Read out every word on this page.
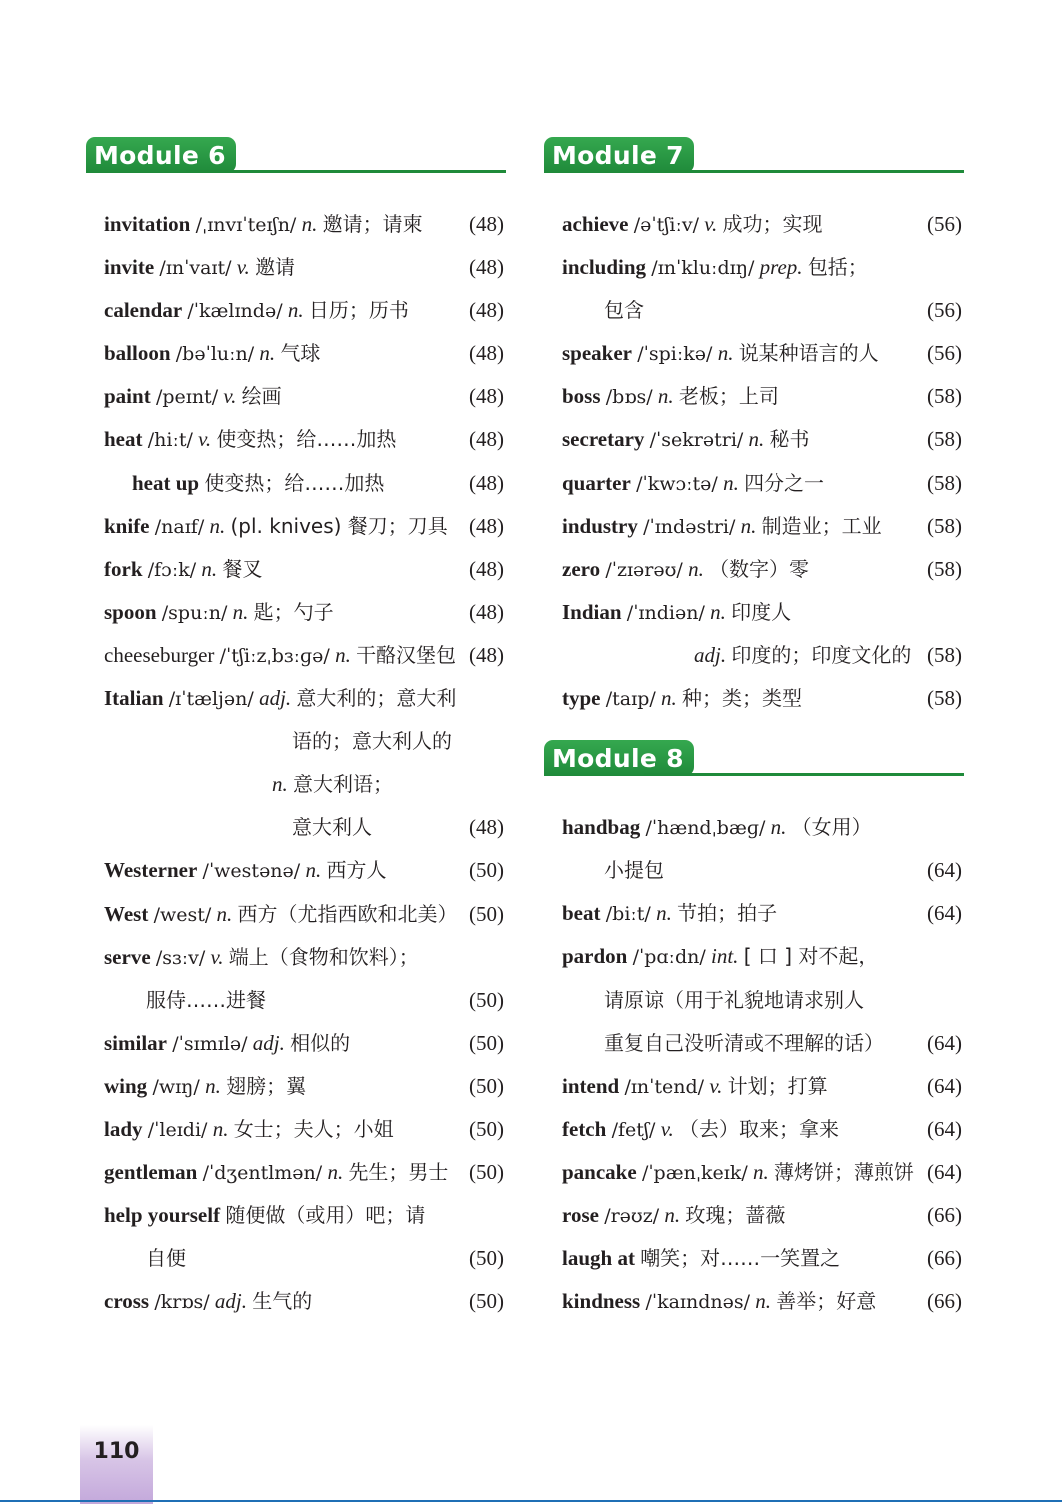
Module 6
invitation /ˌɪnvɪˈteɪʃn/ n. 邀请；请柬 (48)
invite /ɪnˈvaɪt/ v. 邀请	(48)
calendar /ˈkælɪndə/ n. 日历；历书	(48)
balloon /bəˈluːn/ n. 气球	(48)
paint /peɪnt/ v. 绘画	(48)
heat /hiːt/ v. 使变热；给……加热	(48)
heat up 使变热；给……加热	(48)
knife /naɪf/ n. (pl. knives) 餐刀；刀具 (48)
fork /fɔːk/ n. 餐叉	(48)
spoon /spuːn/ n. 匙；勺子	(48)
cheeseburger /ˈtʃiːzˌbɜːɡə/ n. 干酪汉堡包 (48)
Italian /ɪˈtæljən/ adj. 意大利的；意大利
语的；意大利人的
n. 意大利语；
意大利人	(48)
Westerner /ˈwestənə/ n. 西方人	(50)
West /west/ n. 西方（尤指西欧和北美） (50)
serve /sɜːv/ v. 端上（食物和饮料）；
服侍……进餐	(50)
similar /ˈsɪmɪlə/ adj. 相似的	(50)
wing /wɪŋ/ n. 翅膀；翼	(50)
lady /ˈleɪdi/ n. 女士；夫人；小姐	(50)
gentleman /ˈdʒentlmən/ n. 先生；男士 (50)
help yourself 随便做（或用）吧；请
自便	(50)
cross /krɒs/ adj. 生气的	(50)
Module 7
achieve /əˈtʃiːv/ v. 成功；实现	(56)
including /ɪnˈkluːdɪŋ/ prep. 包括；
包含	(56)
speaker /ˈspiːkə/ n. 说某种语言的人 (56)
boss /bɒs/ n. 老板；上司	(58)
secretary /ˈsekrətri/ n. 秘书	(58)
quarter /ˈkwɔːtə/ n. 四分之一	(58)
industry /ˈɪndəstri/ n. 制造业；工业 (58)
zero /ˈzɪərəʊ/ n. （数字）零	(58)
Indian /ˈɪndiən/ n. 印度人
adj. 印度的；印度文化的 (58)
type /taɪp/ n. 种；类；类型	(58)
Module 8
handbag /ˈhændˌbæɡ/ n. （女用）
小提包	(64)
beat /biːt/ n. 节拍；拍子	(64)
pardon /ˈpɑːdn/ int. [ 口 ] 对不起，
请原谅（用于礼貌地请求别人
重复自己没听清或不理解的话） (64)
intend /ɪnˈtend/ v. 计划；打算	(64)
fetch /fetʃ/ v. （去）取来；拿来	(64)
pancake /ˈpænˌkeɪk/ n. 薄烤饼；薄煎饼 (64)
rose /rəʊz/ n. 玫瑰；蔷薇	(66)
laugh at 嘲笑；对……一笑置之	(66)
kindness /ˈkaɪndnəs/ n. 善举；好意 (66)
110
